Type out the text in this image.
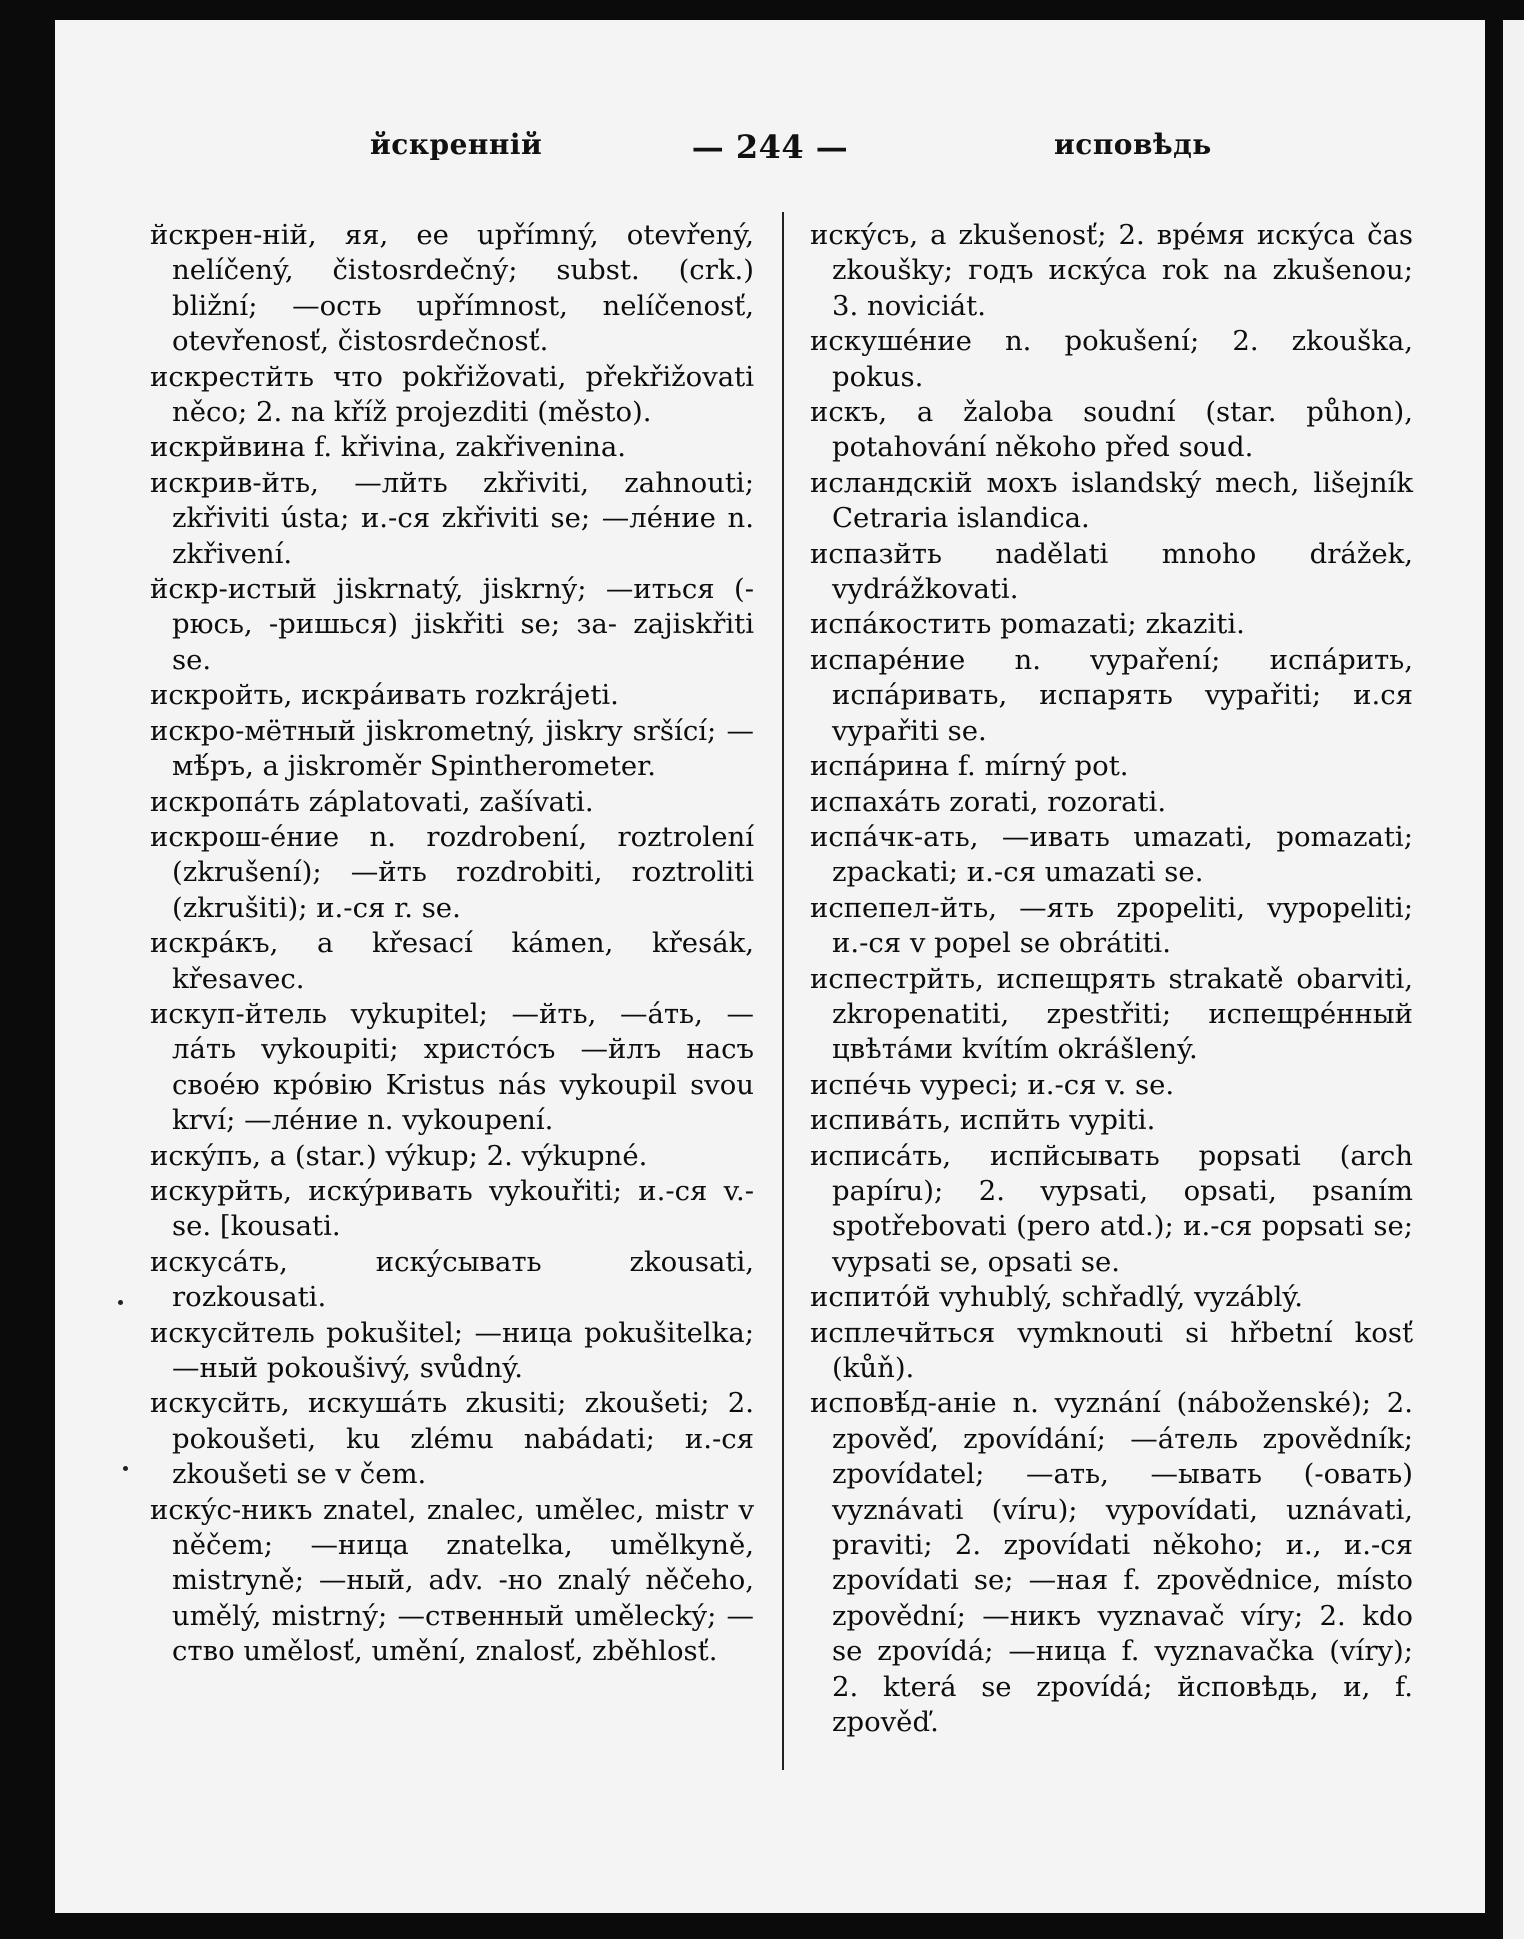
йскреннiй	— 244 —	исповѣдь

йскрен-нiй, яя, ее upřímný, otevřený, nelíčený, čistosrdečný; subst. (crk.) bližní; —ость upřímnost, nelíčenosť, otevřenosť, čistosrdečnosť.

искрестйть что pokřižovati, překřižovati něco; 2. na kříž projezditi (město).

искрйвина f. křivina, zakřivenina.

искрив-йть, —лйть zkřiviti, zahnouti; zkřiviti ústa; и.-ся zkřiviti se; —лéние n. zkřivení.

йскр-истый jiskrnatý, jiskrný; —иться (-рюсь, -ришься) jiskřiti se; за- zajiskřiti se.

искройть, искрáивать rozkrájeti.

искро-мётный jiskrometný, jiskry sršící; —мѣ́ръ, а jiskroměr Spintherometer.

искропáть záplatovati, zašívati.

искрош-éние n. rozdrobení, roztrolení (zkrušení); —йть rozdrobiti, roztroliti (zkrušiti); и.-ся r. se.

искрáкъ, а křesací kámen, křesák, křesavec.

искуп-йтель vykupitel; —йть, —áть, —лáть vykoupiti; христóсъ —йлъ насъ своéю крóвiю Kristus nás vykoupil svou krví; —лéние n. vykoupení.

искýпъ, а (star.) výkup; 2. výkupné.

искурйть, искýривать vykouřiti; и.-ся v.-se. [kousati.

искусáть, искýсывать zkousati, rozkousati.

искусйтель pokušitel; —ница pokušitelka; —ный pokoušivý, svůdný.

искусйть, искушáть zkusiti; zkoušeti; 2. pokoušeti, ku zlému nabádati; и.-ся zkoušeti se v čem.

искýс-никъ znatel, znalec, umělec, mistr v něčem; —ница znatelka, umělkyně, mistryně; —ный, adv. -но znalý něčeho, umělý, mistrný; —ственный umělecký; —ство umělosť, umění, znalosť, zběhlosť.

искýсъ, а zkušenosť; 2. врéмя искýса čas zkoušky; годъ искýса rok na zkušenou; 3. noviciát.

искушéние n. pokušení; 2. zkouška, pokus.

искъ, а žaloba soudní (star. půhon), potahování někoho před soud.

исландскiй мохъ islandský mech, lišejník Cetraria islandica.

испазйть nadělati mnoho drážek, vydrážkovati.

испáкостить pomazati; zkaziti.

испарéние n. vypaření; испáрить, испáривать, испарять vypařiti; и.ся vypařiti se.

испáрина f. mírný pot.

испахáть zorati, rozorati.

испáчк-ать, —ивать umazati, pomazati; zpackati; и.-ся umazati se.

испепел-йть, —ять zpopeliti, vypopeliti; и.-ся v popel se obrátiti.

испестрйть, испещрять strakatě obarviti, zkropenatiti, zpestřiti; испещрéнный цвѣтáми kvítím okrášlený.

испéчь vypeci; и.-ся v. se.

испивáть, испйть vypiti.

исписáть, испйсывать popsati (arch papíru); 2. vypsati, opsati, psaním spotřebovati (pero atd.); и.-ся popsati se; vypsati se, opsati se.

испитóй vyhublý, schřadlý, vyzáblý.

исплечйться vymknouti si hřbetní kosť (kůň).

исповѣ́д-анiе n. vyznání (náboženské); 2. zpověď, zpovídání; —áтель zpovědník; zpovídatel; —ать, —ывать (-овать) vyznávati (víru); vypovídati, uznávati, praviti; 2. zpovídati někoho; и., и.-ся zpovídati se; —ная f. zpovědnice, místo zpovědní; —никъ vyznavač víry; 2. kdo se zpovídá; —ница f. vyznavačka (víry); 2. která se zpovídá; йсповѣдь, и, f. zpověď.
